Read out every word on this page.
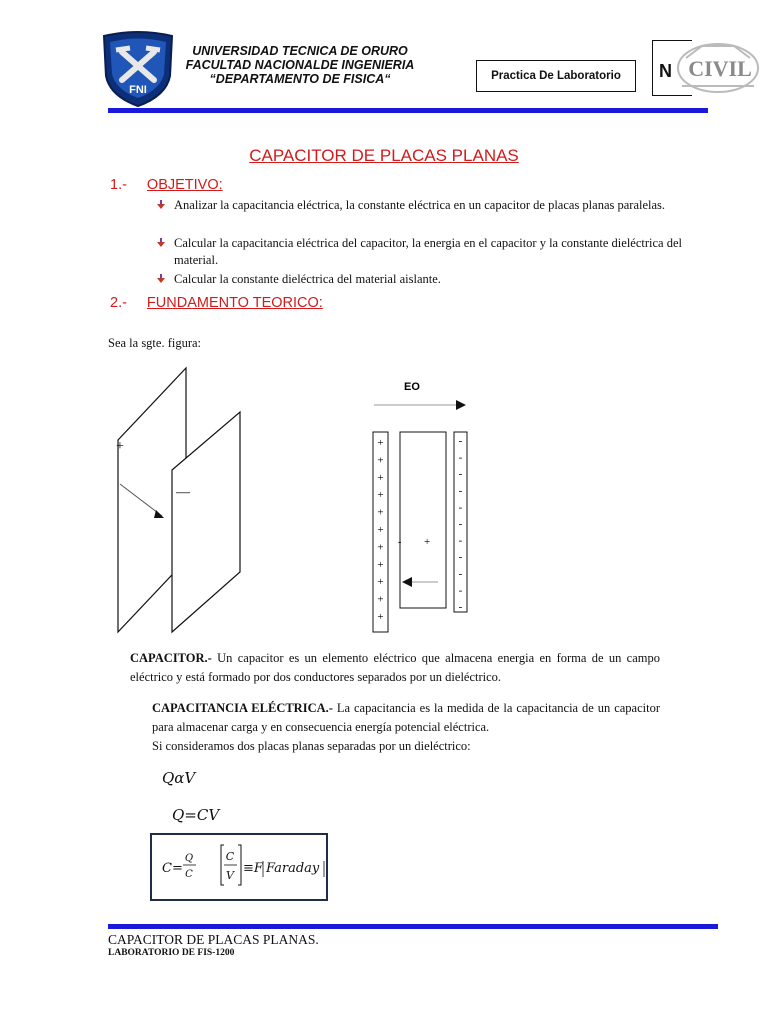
FNI
UNIVERSIDAD TECNICA DE ORURO
FACULTAD NACIONALDE INGENIERIA
“DEPARTAMENTO DE FISICA“	Practica De Laboratorio	N CIVIL
CAPACITOR DE PLACAS PLANAS
1.- OBJETIVO:
Analizar la capacitancia eléctrica, la constante eléctrica en un capacitor de placas planas paralelas.
Calcular la capacitancia eléctrica del capacitor, la energia en el capacitor y la constante dieléctrica del material.
Calcular la constante dieléctrica del material aislante.
2.- FUNDAMENTO TEORICO:
Sea la sgte. figura:
+
—
EO
+
+
+
+
+
+
+
+
+
+
+
- +
-
-
-
-
-
-
-
-
-
-
-
CAPACITOR.- Un capacitor es un elemento eléctrico que almacena energia en forma de un campo eléctrico y está formado por dos conductores separados por un dieléctrico.
CAPACITANCIA ELÉCTRICA.- La capacitancia es la medida de la capacitancia de un capacitor para almacenar carga y en consecuencia energía potencial eléctrica.
Si consideramos dos placas planas separadas por un dieléctrico:
QαV
Q=CV
C=
Q
C
C
V ≡F Faraday
CAPACITOR DE PLACAS PLANAS.
LABORATORIO DE FIS-1200
